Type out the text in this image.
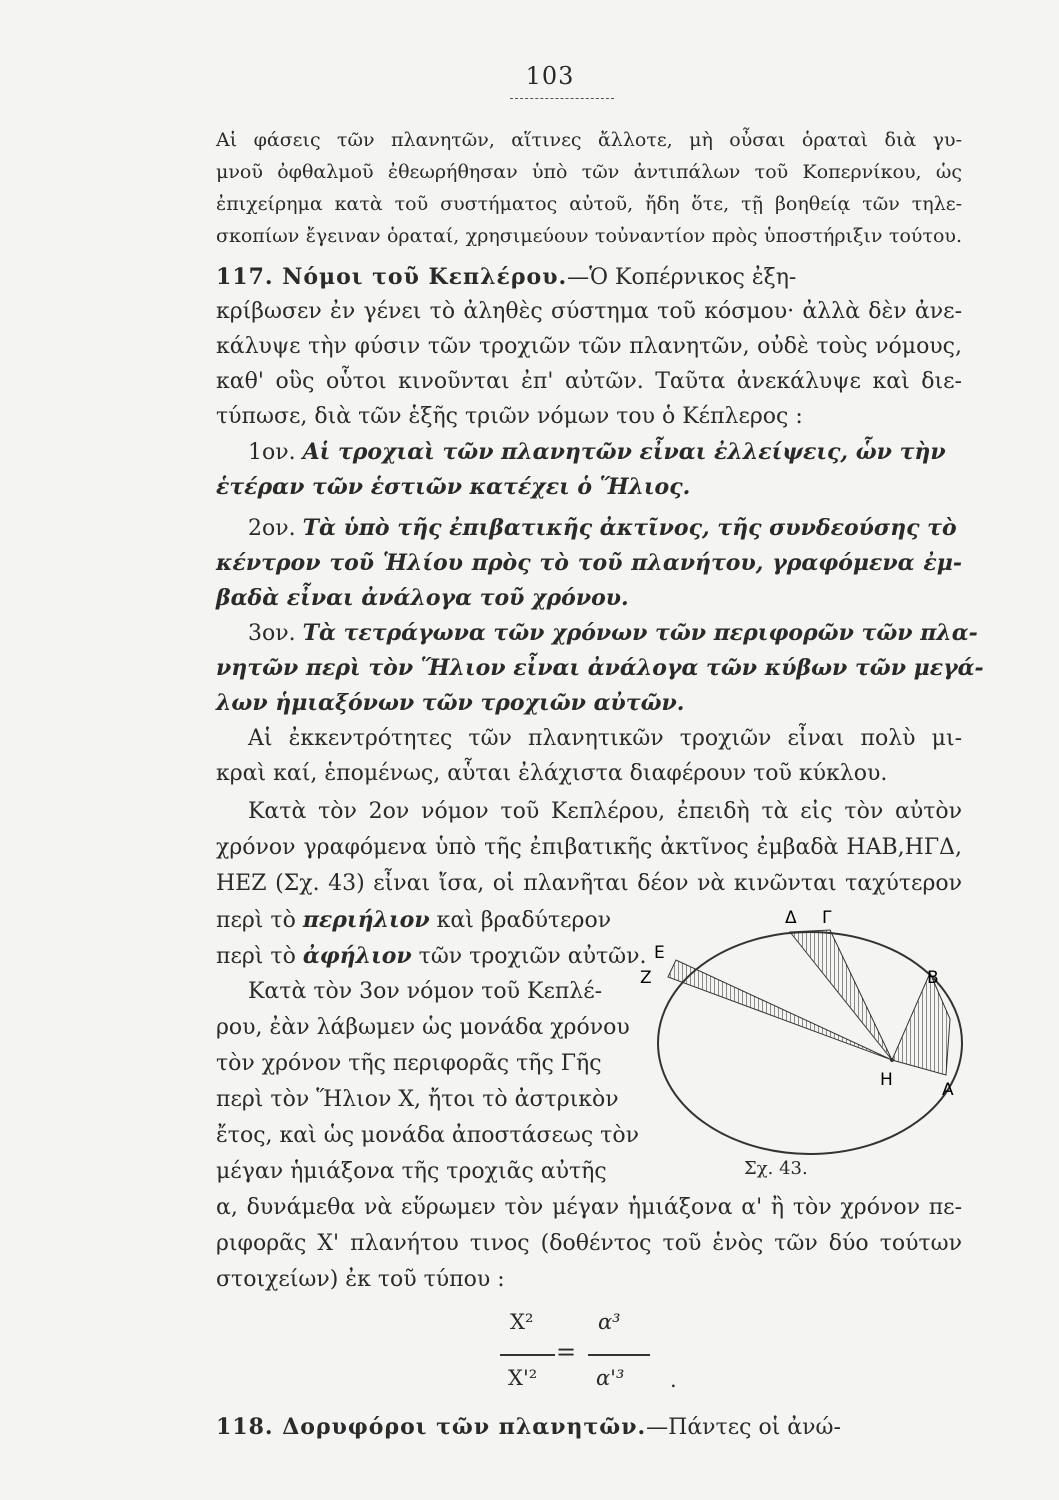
103
Αἱ φάσεις τῶν πλανητῶν, αἵτινες ἄλλοτε, μὴ οὖσαι ὁραταὶ διὰ γυ-
μνοῦ ὀφθαλμοῦ ἐθεωρήθησαν ὑπὸ τῶν ἀντιπάλων τοῦ Κοπερνίκου, ὡς
ἐπιχείρημα κατὰ τοῦ συστήματος αὐτοῦ, ἤδη ὅτε, τῇ βοηθείᾳ τῶν τηλε-
σκοπίων ἔγειναν ὁραταί, χρησιμεύουν τοὐναντίον πρὸς ὑποστήριξιν τούτου.
117. Νόμοι τοῦ Κεπλέρου.—Ὁ Κοπέρνικος ἐξη-
κρίβωσεν ἐν γένει τὸ ἀληθὲς σύστημα τοῦ κόσμου· ἀλλὰ δὲν ἀνε-
κάλυψε τὴν φύσιν τῶν τροχιῶν τῶν πλανητῶν, οὐδὲ τοὺς νόμους,
καθ' οὓς οὗτοι κινοῦνται ἐπ' αὐτῶν. Ταῦτα ἀνεκάλυψε καὶ διε-
τύπωσε, διὰ τῶν ἑξῆς τριῶν νόμων του ὁ Κέπλερος :
1ον. Αἱ τροχιαὶ τῶν πλανητῶν εἶναι ἐλλείψεις, ὧν τὴν
ἑτέραν τῶν ἑστιῶν κατέχει ὁ Ἥλιος.
2ον. Τὰ ὑπὸ τῆς ἐπιβατικῆς ἀκτῖνος, τῆς συνδεούσης τὸ
κέντρον τοῦ Ἡλίου πρὸς τὸ τοῦ πλανήτου, γραφόμενα ἐμ-
βαδὰ εἶναι ἀνάλογα τοῦ χρόνου.
3ον. Τὰ τετράγωνα τῶν χρόνων τῶν περιφορῶν τῶν πλα-
νητῶν περὶ τὸν Ἥλιον εἶναι ἀνάλογα τῶν κύβων τῶν μεγά-
λων ἡμιαξόνων τῶν τροχιῶν αὐτῶν.
Αἱ ἐκκεντρότητες τῶν πλανητικῶν τροχιῶν εἶναι πολὺ μι-
κραὶ καί, ἑπομένως, αὗται ἐλάχιστα διαφέρουν τοῦ κύκλου.
Κατὰ τὸν 2ον νόμον τοῦ Κεπλέρου, ἐπειδὴ τὰ εἰς τὸν αὐτὸν
χρόνον γραφόμενα ὑπὸ τῆς ἐπιβατικῆς ἀκτῖνος ἐμβαδὰ ΗΑΒ,ΗΓΔ,
ΗΕΖ (Σχ. 43) εἶναι ἴσα, οἱ πλανῆται δέον νὰ κινῶνται ταχύτερον
περὶ τὸ περιήλιον καὶ βραδύτερον
περὶ τὸ ἀφήλιον τῶν τροχιῶν αὐτῶν.
Κατὰ τὸν 3ον νόμον τοῦ Κεπλέ-
ρου, ἐὰν λάβωμεν ὡς μονάδα χρόνου
τὸν χρόνον τῆς περιφορᾶς τῆς Γῆς
περὶ τὸν Ἥλιον Χ, ἤτοι τὸ ἀστρικὸν
ἔτος, καὶ ὡς μονάδα ἀποστάσεως τὸν
μέγαν ἡμιάξονα τῆς τροχιᾶς αὐτῆς
α, δυνάμεθα νὰ εὕρωμεν τὸν μέγαν ἡμιάξονα α' ἢ τὸν χρόνον πε-
ριφορᾶς Χ' πλανήτου τινος (δοθέντος τοῦ ἑνὸς τῶν δύο τούτων
στοιχείων) ἐκ τοῦ τύπου :
Δ Γ
Ε
Ζ	Β
Η	Α
Σχ. 43.
Χ²	α³
=
Χ'²	α'³ .
118. Δορυφόροι τῶν πλανητῶν.—Πάντες οἱ ἀνώ-
